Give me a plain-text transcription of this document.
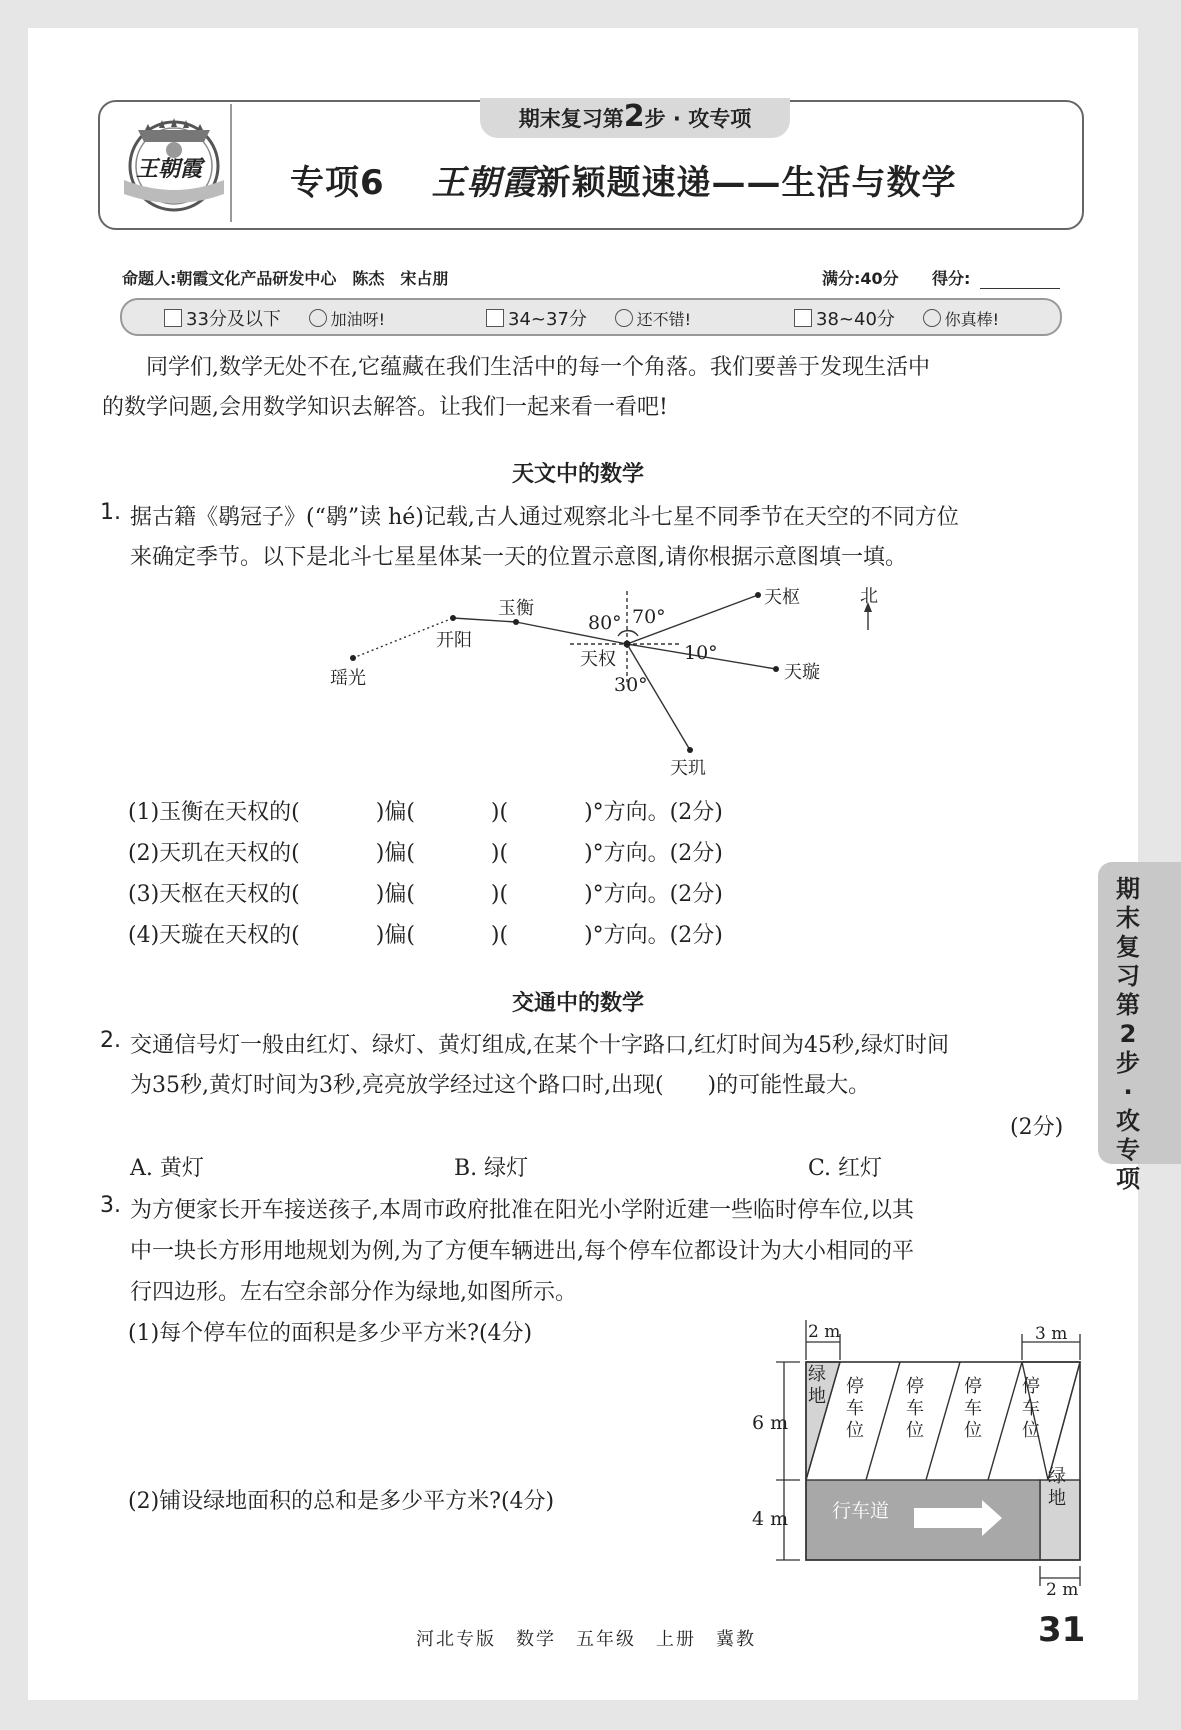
王朝霞
期末复习第2步 · 攻专项
专项6 王朝霞新颖题速递——生活与数学
命题人:朝霞文化产品研发中心　陈杰　宋占朋	满分:40分 得分:
33分及以下	加油呀!	34~37分	还不错!	38~40分	你真棒!
同学们,数学无处不在,它蕴藏在我们生活中的每一个角落。我们要善于发现生活中
的数学问题,会用数学知识去解答。让我们一起来看一看吧!
天文中的数学
1. 据古籍《鹖冠子》(“鹖”读 hé)记载,古人通过观察北斗七星不同季节在天空的不同方位
来确定季节。以下是北斗七星星体某一天的位置示意图,请你根据示意图填一填。
瑶光
开阳
玉衡
天权
天枢
天璇
天玑
北
80° 70°
10°
30°
(1)玉衡在天权的(	)偏(	)(	)°方向。(2分)
(2)天玑在天权的(	)偏(	)(	)°方向。(2分)
(3)天枢在天权的(	)偏(	)(	)°方向。(2分)
(4)天璇在天权的(	)偏(	)(	)°方向。(2分)
交通中的数学
2. 交通信号灯一般由红灯、绿灯、黄灯组成,在某个十字路口,红灯时间为45秒,绿灯时间
为35秒,黄灯时间为3秒,亮亮放学经过这个路口时,出现(　　)的可能性最大。
(2分)
A. 黄灯	B. 绿灯	C. 红灯
3. 为方便家长开车接送孩子,本周市政府批准在阳光小学附近建一些临时停车位,以其
中一块长方形用地规划为例,为了方便车辆进出,每个停车位都设计为大小相同的平
行四边形。左右空余部分作为绿地,如图所示。
(1)每个停车位的面积是多少平方米?(4分)
(2)铺设绿地面积的总和是多少平方米?(4分)
2 m	3 m
6 m
4 m
2 m
绿地
绿地
停车位
停车位
停车位
停车位
行车道
期
末
复
习
第
2
步
·
攻
专
项
河北专版　数学　五年级　上册　冀教	31
